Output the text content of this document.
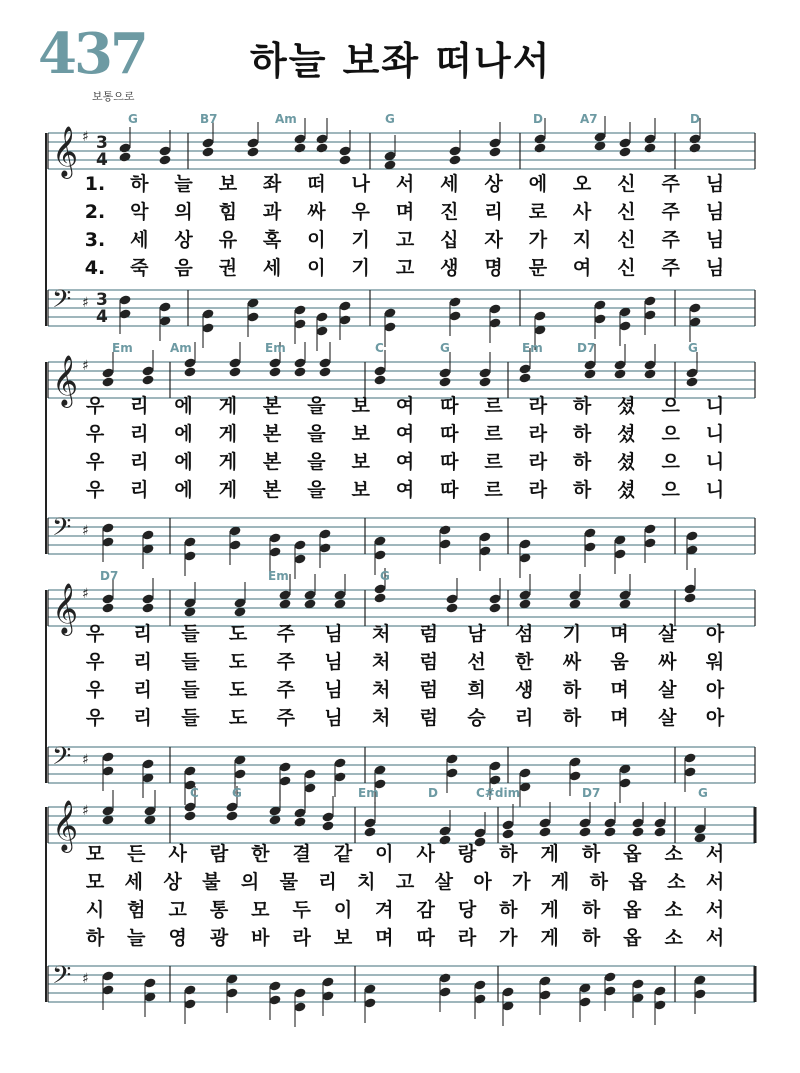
437
보통으로
하늘 보좌 떠나서
𝄞 ♯ 3
4
𝄢 ♯ 3
4
G	B7	Am	G	D	A7	D
1. 하 늘 보 좌 떠 나 서 세 상 에 오 신 주 님
2. 악 의 힘 과 싸 우 며 진 리 로 사 신 주 님
3. 세 상 유 혹 이 기 고 십 자 가 지 신 주 님
4. 죽 음 권 세 이 기 고 생 명 문 여 신 주 님
𝄞 ♯
𝄢 ♯
Em	Am	Em	C	G	Em	D7	G
우 리 에 게 본 을 보 여 따 르 라 하 셨 으 니
우 리 에 게 본 을 보 여 따 르 라 하 셨 으 니
우 리 에 게 본 을 보 여 따 르 라 하 셨 으 니
우 리 에 게 본 을 보 여 따 르 라 하 셨 으 니
𝄞 ♯
𝄢 ♯
D7	Em	G
우 리 들 도 주 님 처 럼 남 섬 기 며 살 아
우 리 들 도 주 님 처 럼 선 한 싸 움 싸 워
우 리 들 도 주 님 처 럼 희 생 하 며 살 아
우 리 들 도 주 님 처 럼 승 리 하 며 살 아
𝄞 ♯
𝄢 ♯
C	G	Em	D	C#dim	D7	G
모 든 사 람 한 결 같 이 사 랑 하 게 하 옵 소 서
모 세 상 불 의 물 리 치 고 살 아 가 게 하 옵 소 서
시 험 고 통 모 두 이 겨 감 당 하 게 하 옵 소 서
하 늘 영 광 바 라 보 며 따 라 가 게 하 옵 소 서
